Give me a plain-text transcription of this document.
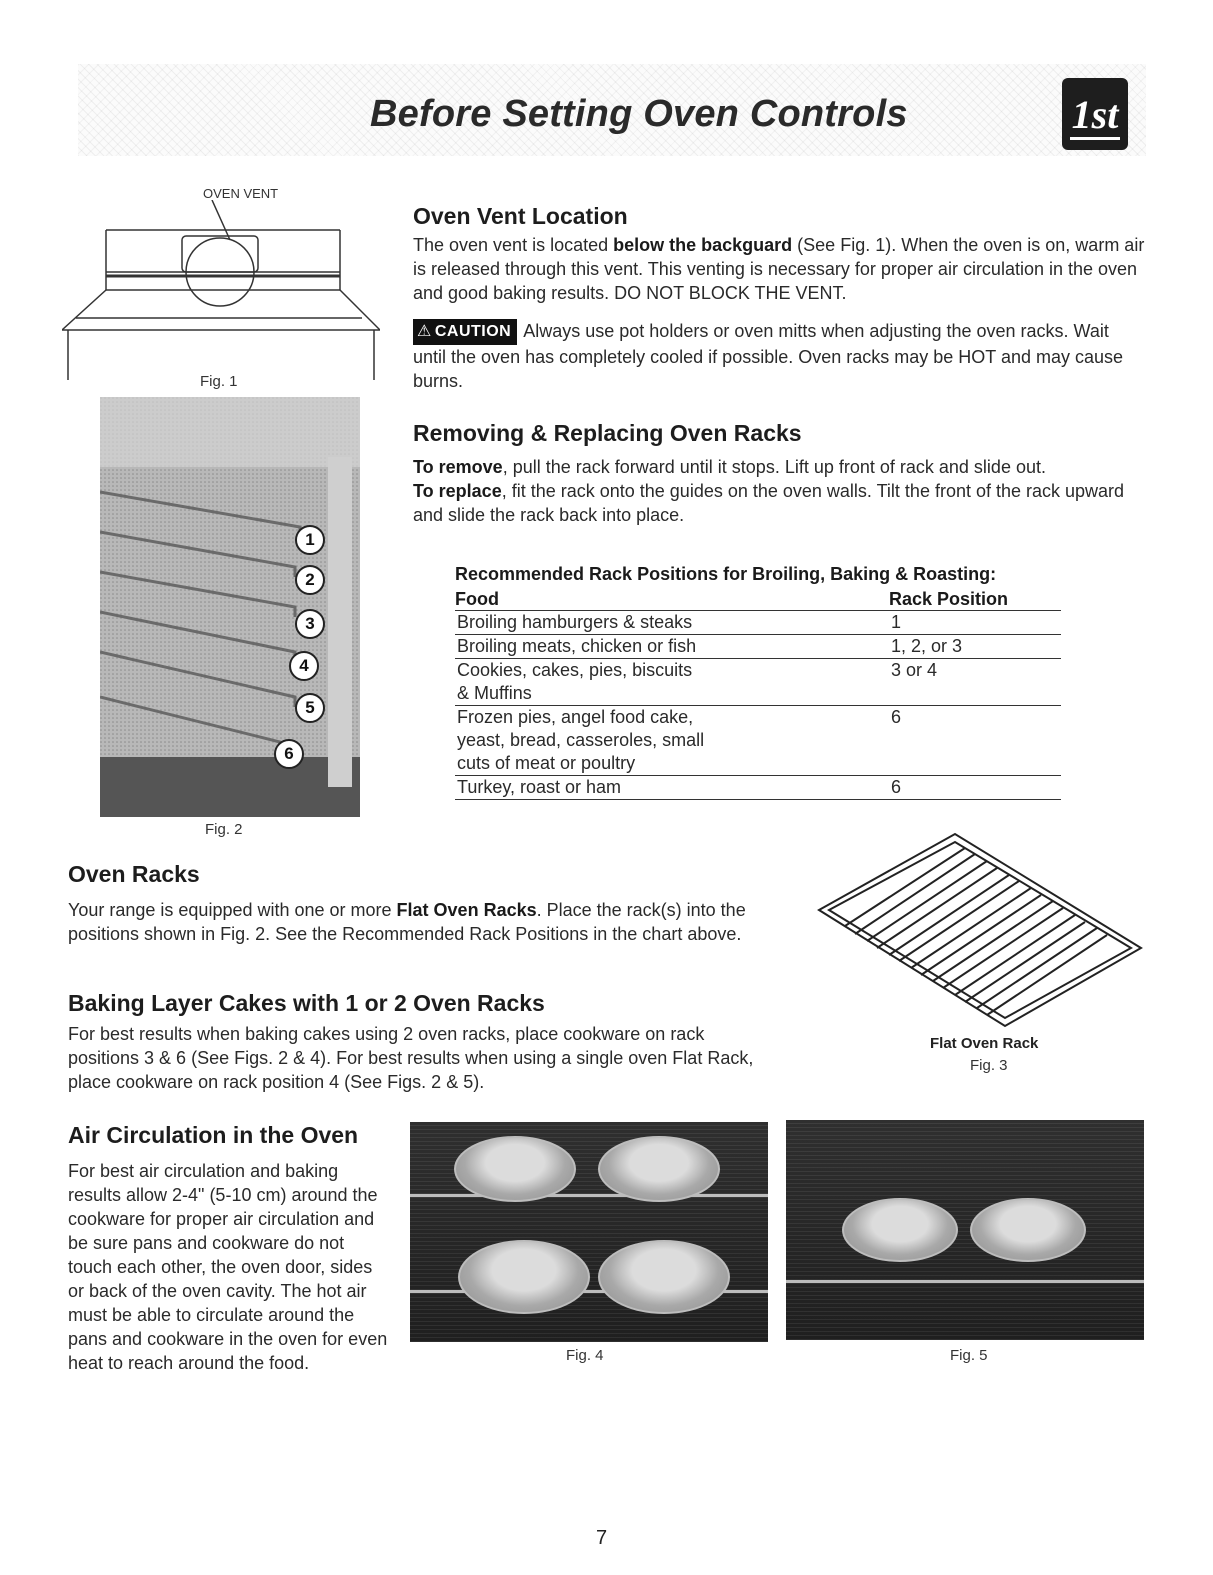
Before Setting Oven Controls	1st
OVEN VENT
Fig. 1
1
2
3
4
5
6
Fig. 2
Oven Vent Location

The oven vent is located below the backguard (See Fig. 1). When the oven is on, warm air is released through this vent. This venting is necessary for proper air circulation in the oven and good baking results. DO NOT BLOCK THE VENT.

⚠ CAUTION Always use pot holders or oven mitts when adjusting the oven racks. Wait until the oven has completely cooled if possible. Oven racks may be HOT and may cause burns.

Removing & Replacing Oven Racks

To remove, pull the rack forward until it stops. Lift up front of rack and slide out.
To replace, fit the rack onto the guides on the oven walls. Tilt the front of the rack upward and slide the rack back into place.

Recommended Rack Positions for Broiling, Baking & Roasting:
Food	Rack Position
Broiling hamburgers & steaks	1
Broiling meats, chicken or fish	1, 2, or 3
Cookies, cakes, pies, biscuits
& Muffins	3 or 4
Frozen pies, angel food cake,
yeast, bread, casseroles, small
cuts of meat or poultry	6
Turkey, roast or ham	6
Oven Racks

Your range is equipped with one or more Flat Oven Racks. Place the rack(s) into the positions shown in Fig. 2. See the Recommended Rack Positions in the chart above.

Flat Oven Rack
Fig. 3
Baking Layer Cakes with 1 or 2 Oven Racks

For best results when baking cakes using 2 oven racks, place cookware on rack positions 3 & 6 (See Figs. 2 & 4). For best results when using a single oven Flat Rack, place cookware on rack position 4 (See Figs. 2 & 5).

Air Circulation in the Oven

For best air circulation and baking results allow 2-4" (5-10 cm) around the cookware for proper air circulation and be sure pans and cookware do not touch each other, the oven door, sides or back of the oven cavity. The hot air must be able to circulate around the pans and cookware in the oven for even heat to reach around the food.	Fig. 4	Fig. 5
7
